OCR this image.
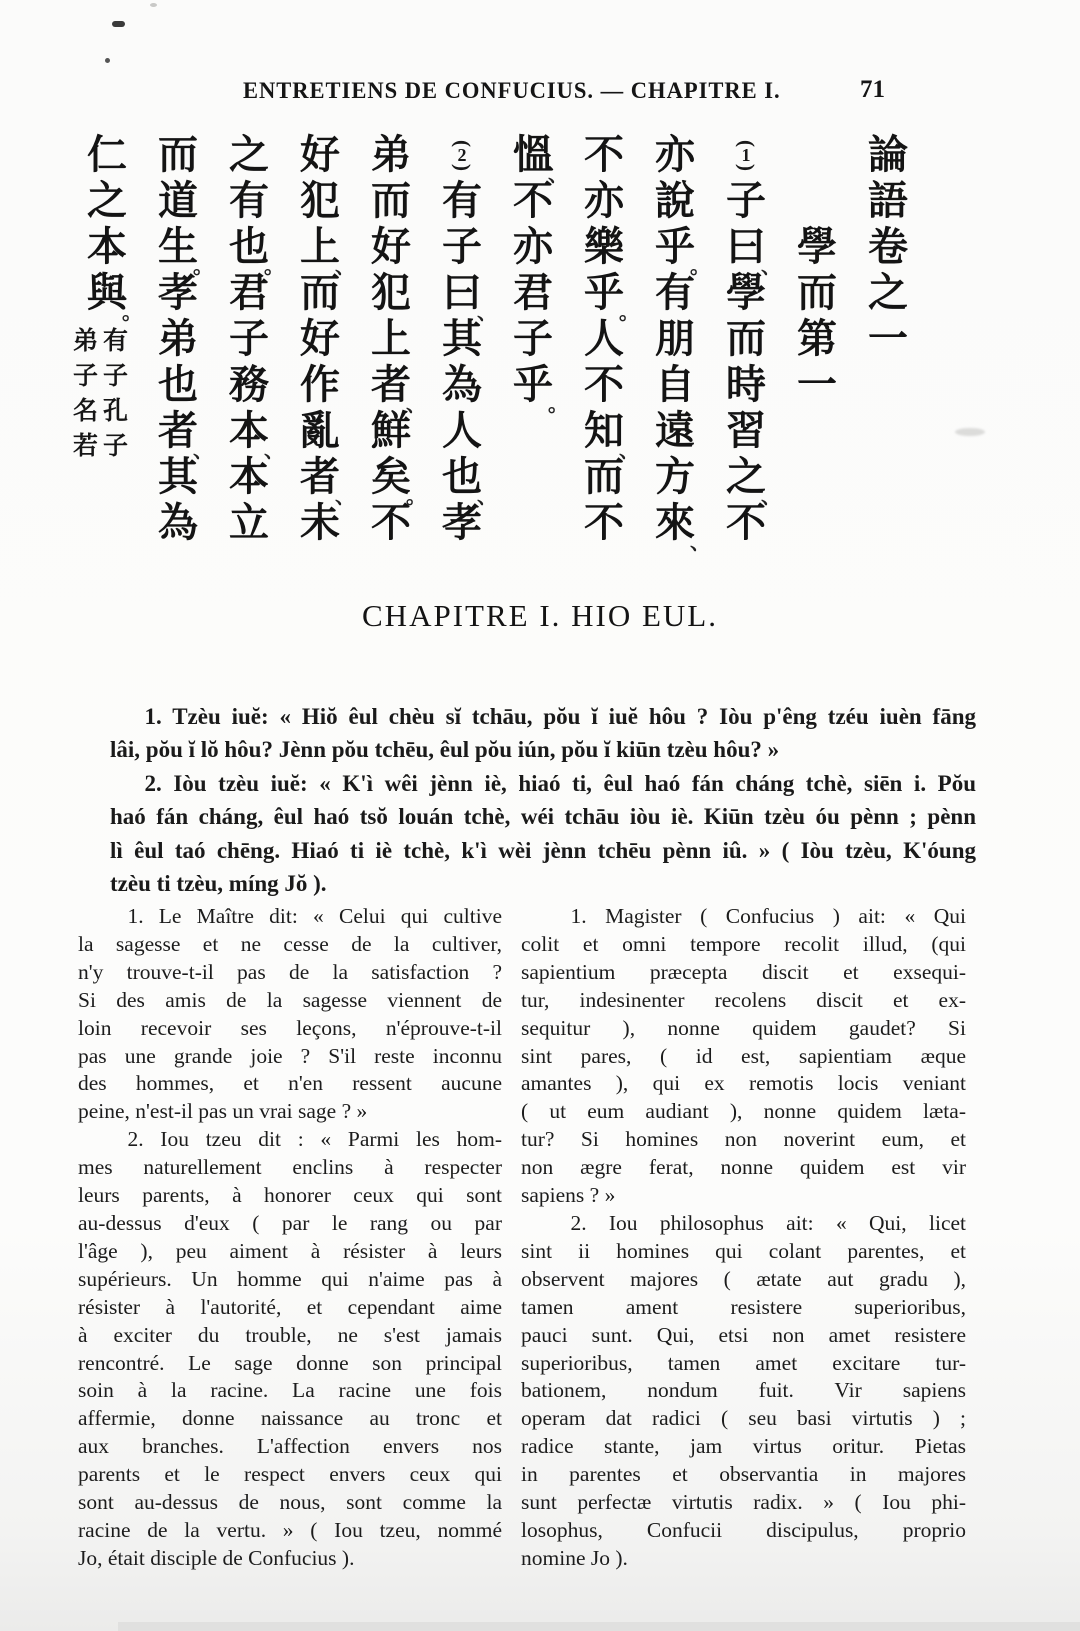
ENTRETIENS DE CONFUCIUS. — CHAPITRE I.	71
論
語
卷
之
一
學
而
第
一
(
1
)
子
曰
、
學
而
時
習
之
、
不
亦
說
乎
。
有
朋
自
遠
方
來
、
不
亦
樂
乎
。
人
不
知
、
而
不
慍
、
不
亦
君
子
乎
。
(
2
)
有
子
曰
、
其
為
人
也
、
孝
弟
而
好
犯
上
者
、
鮮
矣
。
不
好
犯
上
、
而
好
作
亂
者
、
未
之
有
也
。
君
子
務
本
、
本
立
而
道
生
。
孝
弟
也
者
、
其
為
仁
之
本
與
。
有
子
孔
子
弟
子
名
若
CHAPITRE I. HIO EUL.
1. Tzèu iuĕ: « Hiŏ êul chèu sĭ tchāu, pŏu ĭ iuĕ hôu ? Iòu p'êng tzéu iuèn fāng
lâi, pŏu ĭ lŏ hôu? Jènn pŏu tchēu, êul pŏu iún, pŏu ĭ kiūn tzèu hôu? »
2. Iòu tzèu iuĕ: « K'ì wêi jènn iè, hiaó ti, êul haó fán cháng tchè, siēn i. Pŏu
haó fán cháng, êul haó tsŏ louán tchè, wéi tchāu iòu iè. Kiūn tzèu óu pènn ; pènn
lì êul taó chēng. Hiaó ti iè tchè, k'ì wèi jènn tchēu pènn iû. » ( Iòu tzèu, K'óung
tzèu ti tzèu, míng Jŏ ).
1. Le Maître dit: « Celui qui cultive
la sagesse et ne cesse de la cultiver,
n'y trouve-t-il pas de la satisfaction ?
Si des amis de la sagesse viennent de
loin recevoir ses leçons, n'éprouve-t-il
pas une grande joie ? S'il reste inconnu
des hommes, et n'en ressent aucune
peine, n'est-il pas un vrai sage ? »
2. Iou tzeu dit : « Parmi les hom-
mes naturellement enclins à respecter
leurs parents, à honorer ceux qui sont
au-dessus d'eux ( par le rang ou par
l'âge ), peu aiment à résister à leurs
supérieurs. Un homme qui n'aime pas à
résister à l'autorité, et cependant aime
à exciter du trouble, ne s'est jamais
rencontré. Le sage donne son principal
soin à la racine. La racine une fois
affermie, donne naissance au tronc et
aux branches. L'affection envers nos
parents et le respect envers ceux qui
sont au-dessus de nous, sont comme la
racine de la vertu. » ( Iou tzeu, nommé
Jo, était disciple de Confucius ).
1. Magister ( Confucius ) ait: « Qui
colit et omni tempore recolit illud, (qui
sapientium præcepta discit et exsequi-
tur, indesinenter recolens discit et ex-
sequitur ), nonne quidem gaudet? Si
sint pares, ( id est, sapientiam æque
amantes ), qui ex remotis locis veniant
( ut eum audiant ), nonne quidem læta-
tur? Si homines non noverint eum, et
non ægre ferat, nonne quidem est vir
sapiens ? »
2. Iou philosophus ait: « Qui, licet
sint ii homines qui colant parentes, et
observent majores ( ætate aut gradu ),
tamen ament resistere superioribus,
pauci sunt. Qui, etsi non amet resistere
superioribus, tamen amet excitare tur-
bationem, nondum fuit. Vir sapiens
operam dat radici ( seu basi virtutis ) ;
radice stante, jam virtus oritur. Pietas
in parentes et observantia in majores
sunt perfectæ virtutis radix. » ( Iou phi-
losophus, Confucii discipulus, proprio
nomine Jo ).
